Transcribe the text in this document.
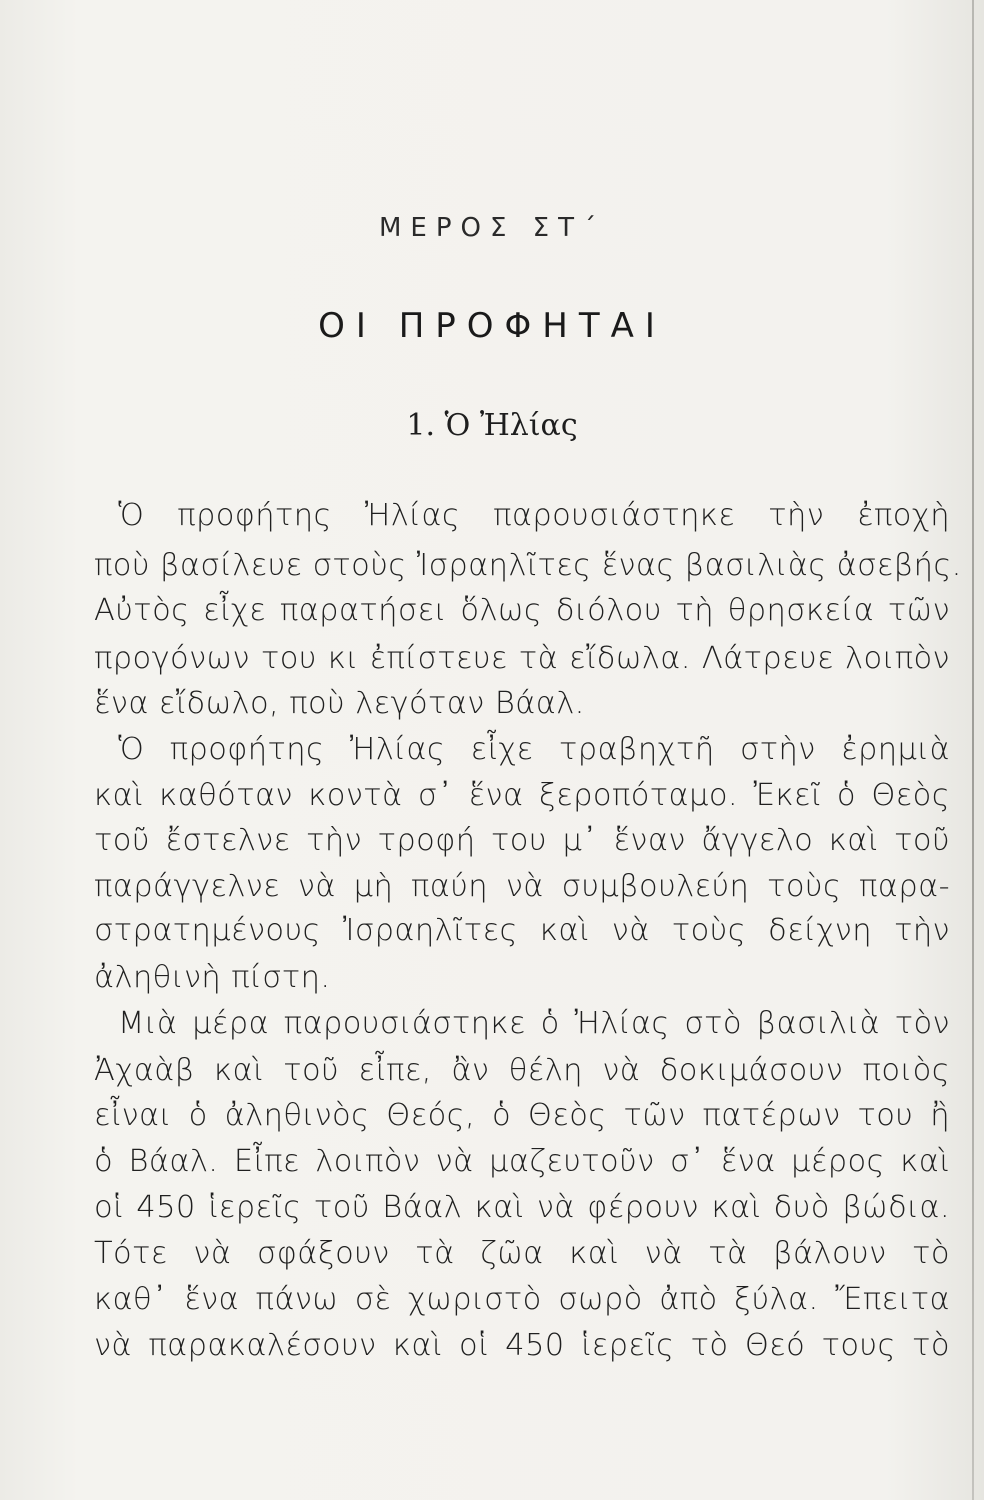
ΜΕΡΟΣ ΣΤ΄
ΟΙ ΠΡΟΦΗΤΑΙ
1. Ὁ Ἠλίας
Ὁ προφήτης Ἠλίας παρουσιάστηκε τὴν ἐποχὴ
ποὺ βασίλευε στοὺς Ἰσραηλῖτες ἕνας βασιλιὰς ἀσεβής.
Αὐτὸς εἶχε παρατήσει ὅλως διόλου τὴ θρησκεία τῶν
προγόνων του κι ἐπίστευε τὰ εἴδωλα. Λάτρευε λοιπὸν
ἕνα εἴδωλο, ποὺ λεγόταν Βάαλ.
Ὁ προφήτης Ἠλίας εἶχε τραβηχτῆ στὴν ἐρημιὰ
καὶ καθόταν κοντὰ σ᾿ ἕνα ξεροπόταμο. Ἐκεῖ ὁ Θεὸς
τοῦ ἔστελνε τὴν τροφή του μ᾿ ἕναν ἄγγελο καὶ τοῦ
παράγγελνε νὰ μὴ παύη νὰ συμβουλεύη τοὺς παρα-
στρατημένους Ἰσραηλῖτες καὶ νὰ τοὺς δείχνη τὴν
ἀληθινὴ πίστη.
Μιὰ μέρα παρουσιάστηκε ὁ Ἠλίας στὸ βασιλιὰ τὸν
Ἀχαὰβ καὶ τοῦ εἶπε, ἂν θέλη νὰ δοκιμάσουν ποιὸς
εἶναι ὁ ἀληθινὸς Θεός, ὁ Θεὸς τῶν πατέρων του ἢ
ὁ Βάαλ. Εἶπε λοιπὸν νὰ μαζευτοῦν σ᾿ ἕνα μέρος καὶ
οἱ 450 ἱερεῖς τοῦ Βάαλ καὶ νὰ φέρουν καὶ δυὸ βώδια.
Τότε νὰ σφάξουν τὰ ζῶα καὶ νὰ τὰ βάλουν τὸ
καθ᾿ ἕνα πάνω σὲ χωριστὸ σωρὸ ἀπὸ ξύλα. Ἔπειτα
νὰ παρακαλέσουν καὶ οἱ 450 ἱερεῖς τὸ Θεό τους τὸ
